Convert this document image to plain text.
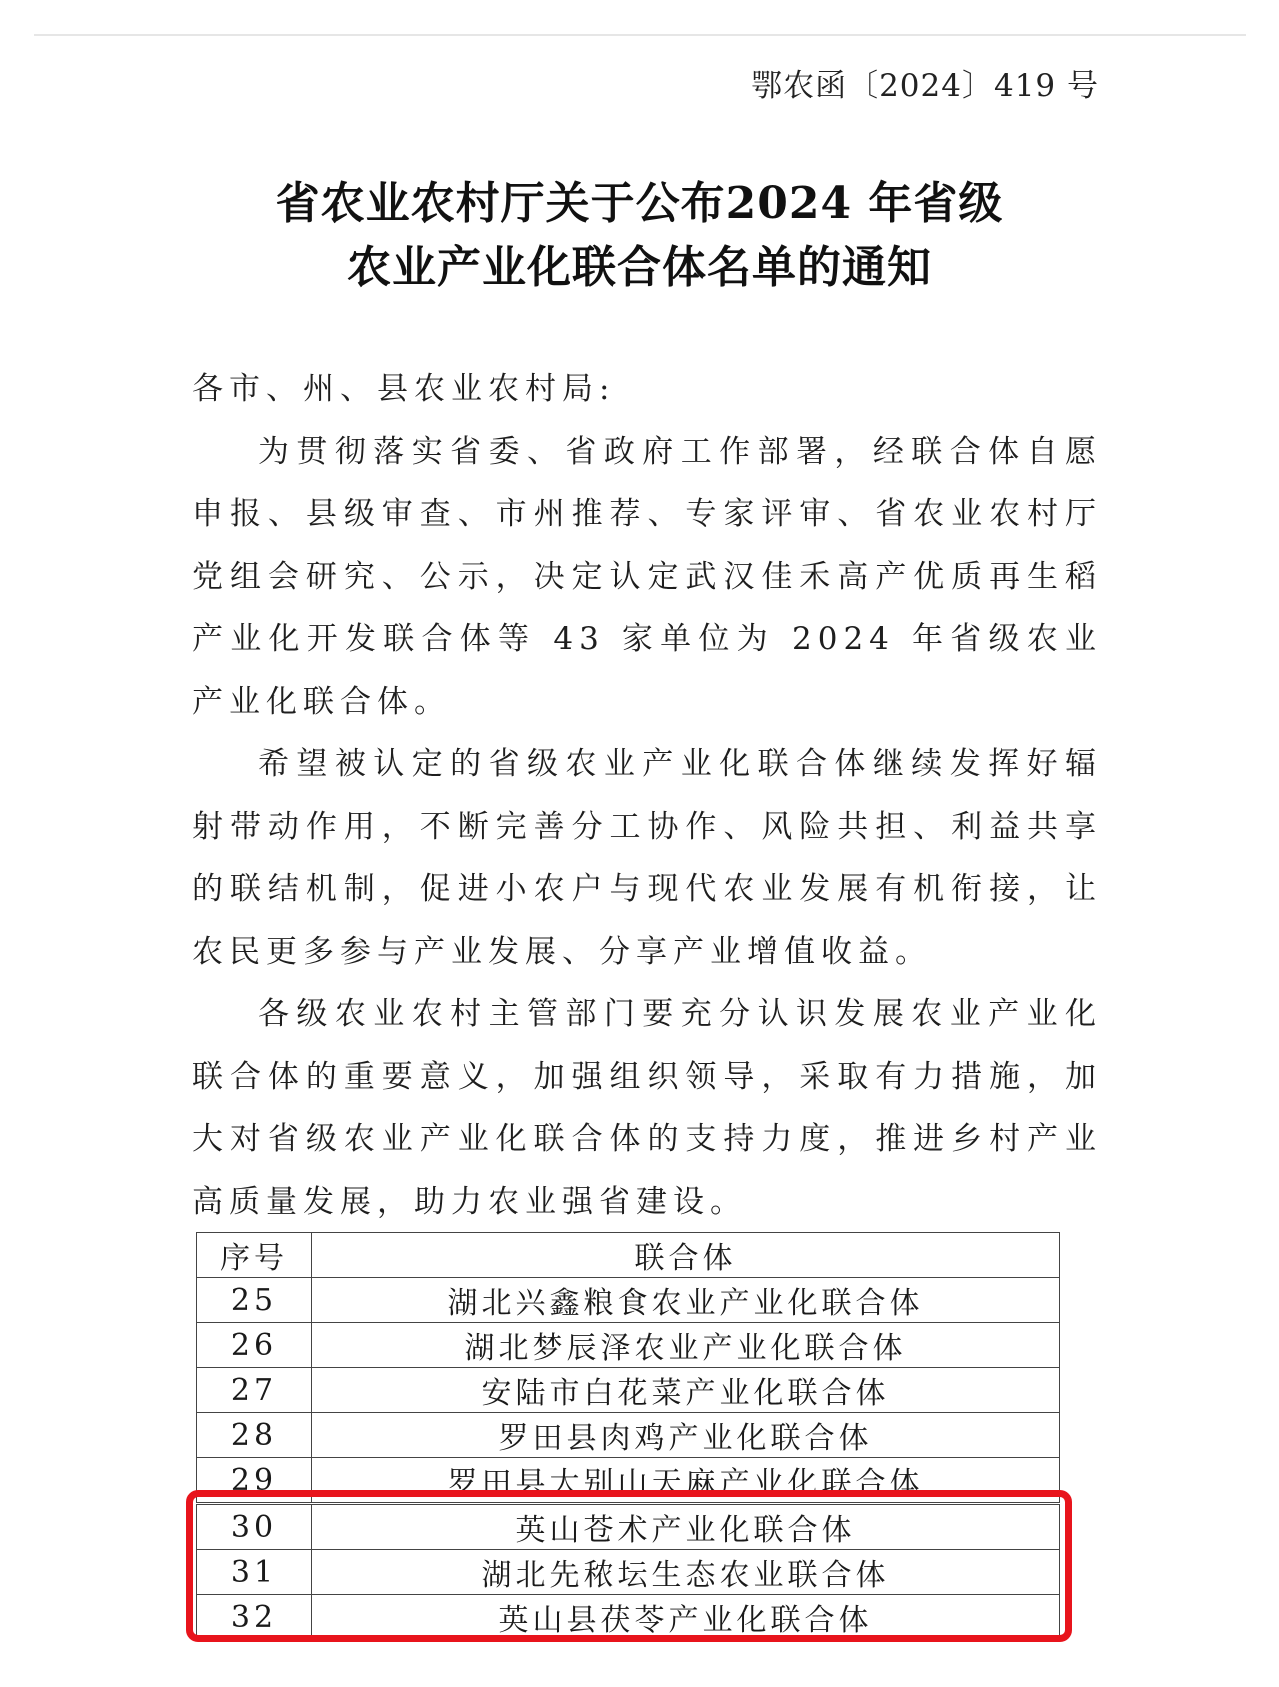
鄂农函〔2024〕419 号
省农业农村厅关于公布2024 年省级
农业产业化联合体名单的通知

各市、州、县农业农村局:

为贯彻落实省委、省政府工作部署，经联合体自愿申报、县级审查、市州推荐、专家评审、省农业农村厅党组会研究、公示，决定认定武汉佳禾高产优质再生稻产业化开发联合体等 43 家单位为 2024 年省级农业产业化联合体。

希望被认定的省级农业产业化联合体继续发挥好辐射带动作用，不断完善分工协作、风险共担、利益共享的联结机制，促进小农户与现代农业发展有机衔接，让农民更多参与产业发展、分享产业增值收益。

各级农业农村主管部门要充分认识发展农业产业化联合体的重要意义，加强组织领导，采取有力措施，加大对省级农业产业化联合体的支持力度，推进乡村产业高质量发展，助力农业强省建设。

序号	联合体
25	湖北兴鑫粮食农业产业化联合体
26	湖北梦辰泽农业产业化联合体
27	安陆市白花菜产业化联合体
28	罗田县肉鸡产业化联合体
29	罗田县大别山天麻产业化联合体
30	英山苍术产业化联合体
31	湖北先秾坛生态农业联合体
32	英山县茯苓产业化联合体
